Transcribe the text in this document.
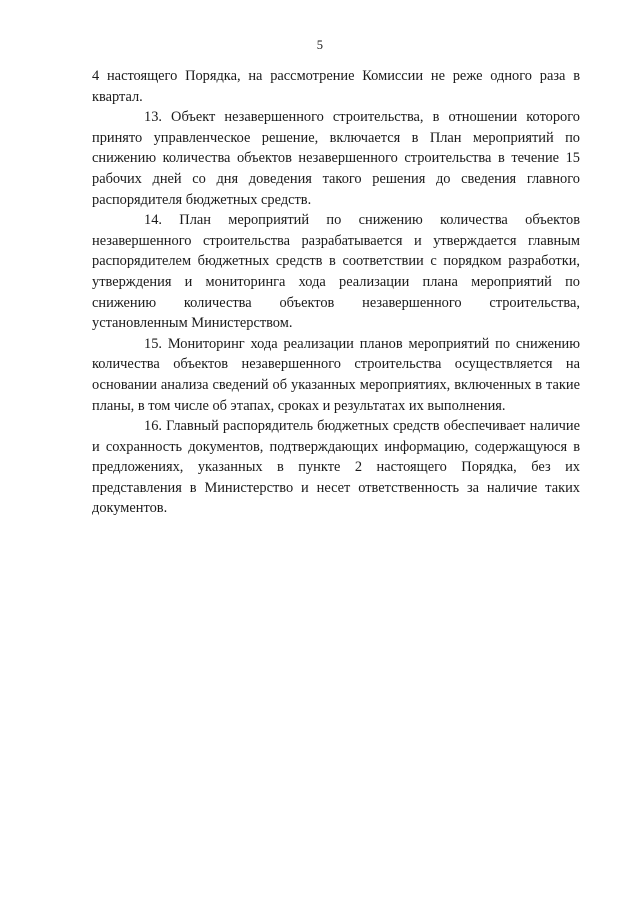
5

4 настоящего Порядка, на рассмотрение Комиссии не реже одного раза в квартал.

13. Объект незавершенного строительства, в отношении которого принято управленческое решение, включается в План мероприятий по снижению количества объектов незавершенного строительства в течение 15 рабочих дней со дня доведения такого решения до сведения главного распорядителя бюджетных средств.

14. План мероприятий по снижению количества объектов незавершенного строительства разрабатывается и утверждается главным распорядителем бюджетных средств в соответствии с порядком разработки, утверждения и мониторинга хода реализации плана мероприятий по снижению количества объектов незавершенного строительства, установленным Министерством.

15. Мониторинг хода реализации планов мероприятий по снижению количества объектов незавершенного строительства осуществляется на основании анализа сведений об указанных мероприятиях, включенных в такие планы, в том числе об этапах, сроках и результатах их выполнения.

16. Главный распорядитель бюджетных средств обеспечивает наличие и сохранность документов, подтверждающих информацию, содержащуюся в предложениях, указанных в пункте 2 настоящего Порядка, без их представления в Министерство и несет ответственность за наличие таких документов.
